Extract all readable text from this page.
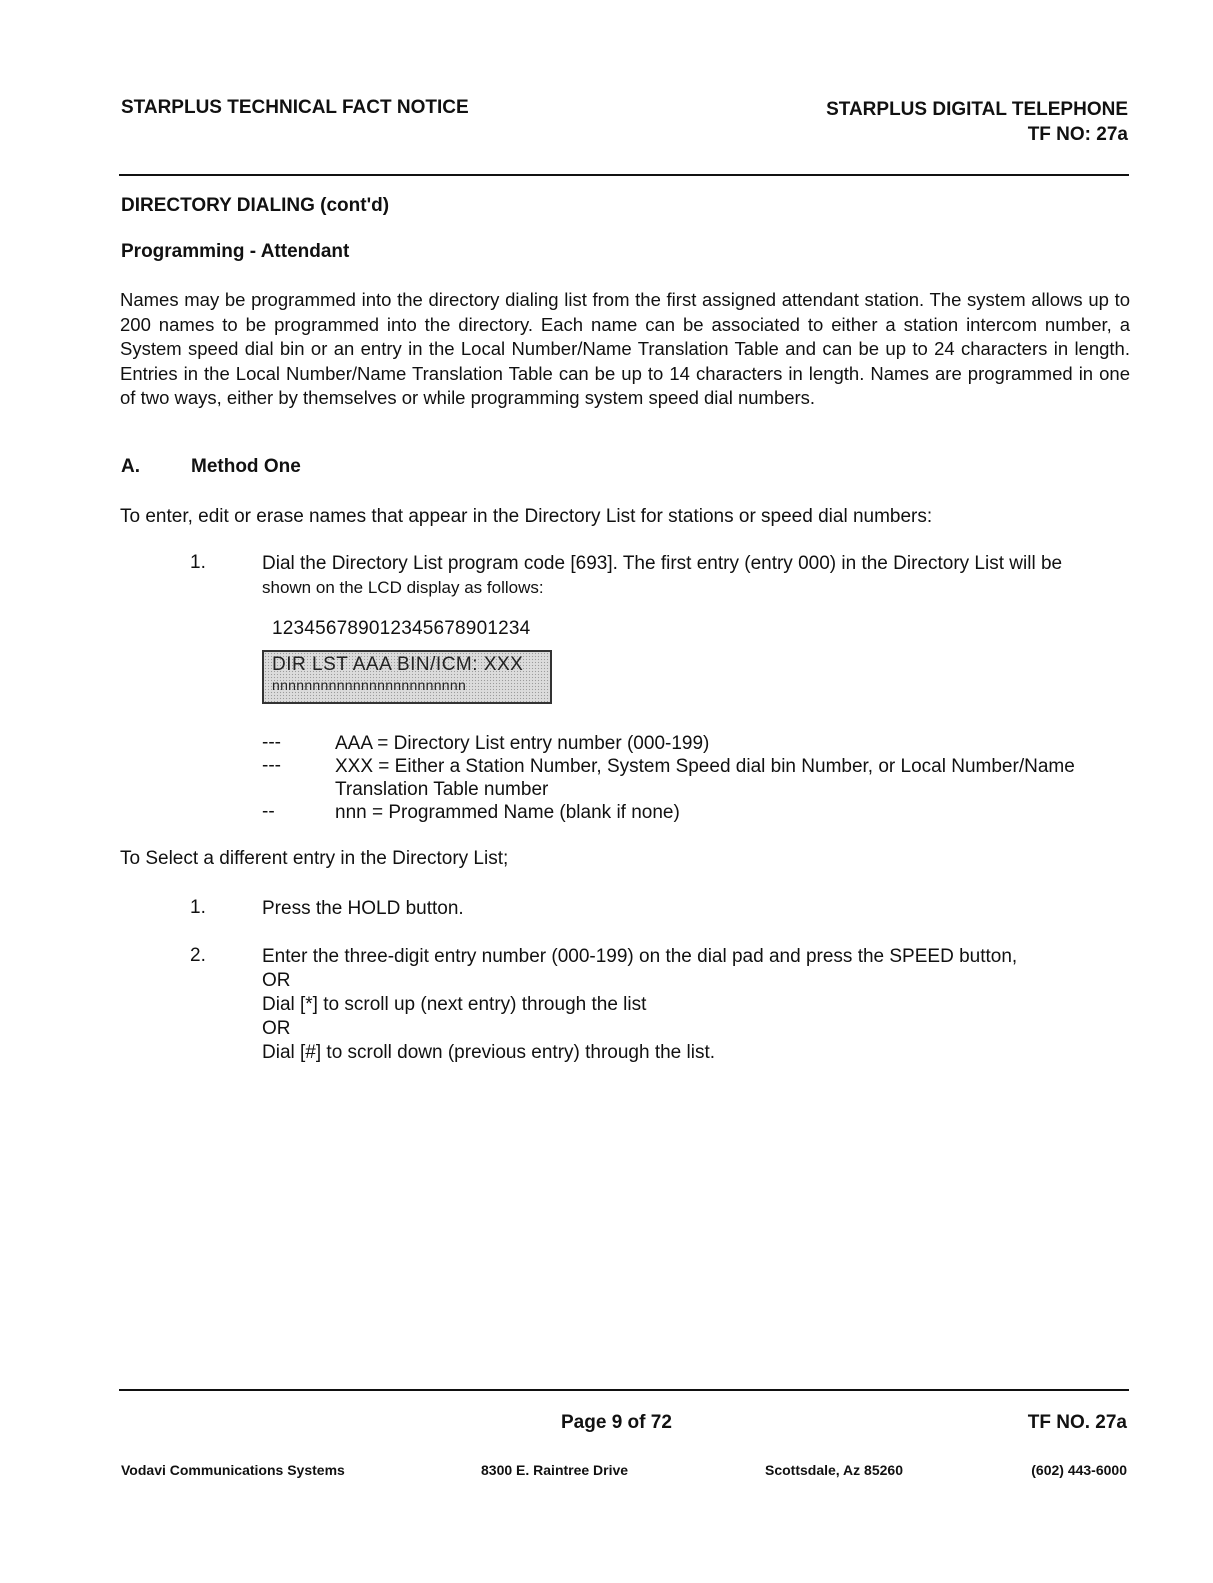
STARPLUS TECHNICAL FACT NOTICE	STARPLUS DIGITAL TELEPHONE
TF NO: 27a
DIRECTORY DIALING (cont'd)
Programming - Attendant
Names may be programmed into the directory dialing list from the first assigned attendant station. The system allows up to 200 names to be programmed into the directory. Each name can be associated to either a station intercom number, a System speed dial bin or an entry in the Local Number/Name Translation Table and can be up to 24 characters in length. Entries in the Local Number/Name Translation Table can be up to 14 characters in length. Names are programmed in one of two ways, either by themselves or while programming system speed dial numbers.
A.	Method One
To enter, edit or erase names that appear in the Directory List for stations or speed dial numbers:
1.	Dial the Directory List program code [693]. The first entry (entry 000) in the Directory List will be
shown on the LCD display as follows:
123456789012345678901234
DIR LST AAA BIN/ICM: XXX
nnnnnnnnnnnnnnnnnnnnnnnn
---	AAA = Directory List entry number (000-199)
---	XXX = Either a Station Number, System Speed dial bin Number, or Local Number/Name Translation Table number
--	nnn = Programmed Name (blank if none)
To Select a different entry in the Directory List;
1.	Press the HOLD button.
2.	Enter the three-digit entry number (000-199) on the dial pad and press the SPEED button,
OR
Dial [*] to scroll up (next entry) through the list
OR
Dial [#] to scroll down (previous entry) through the list.
Page 9 of 72	TF NO. 27a
Vodavi Communications Systems	8300 E. Raintree Drive	Scottsdale, Az 85260	(602) 443-6000
